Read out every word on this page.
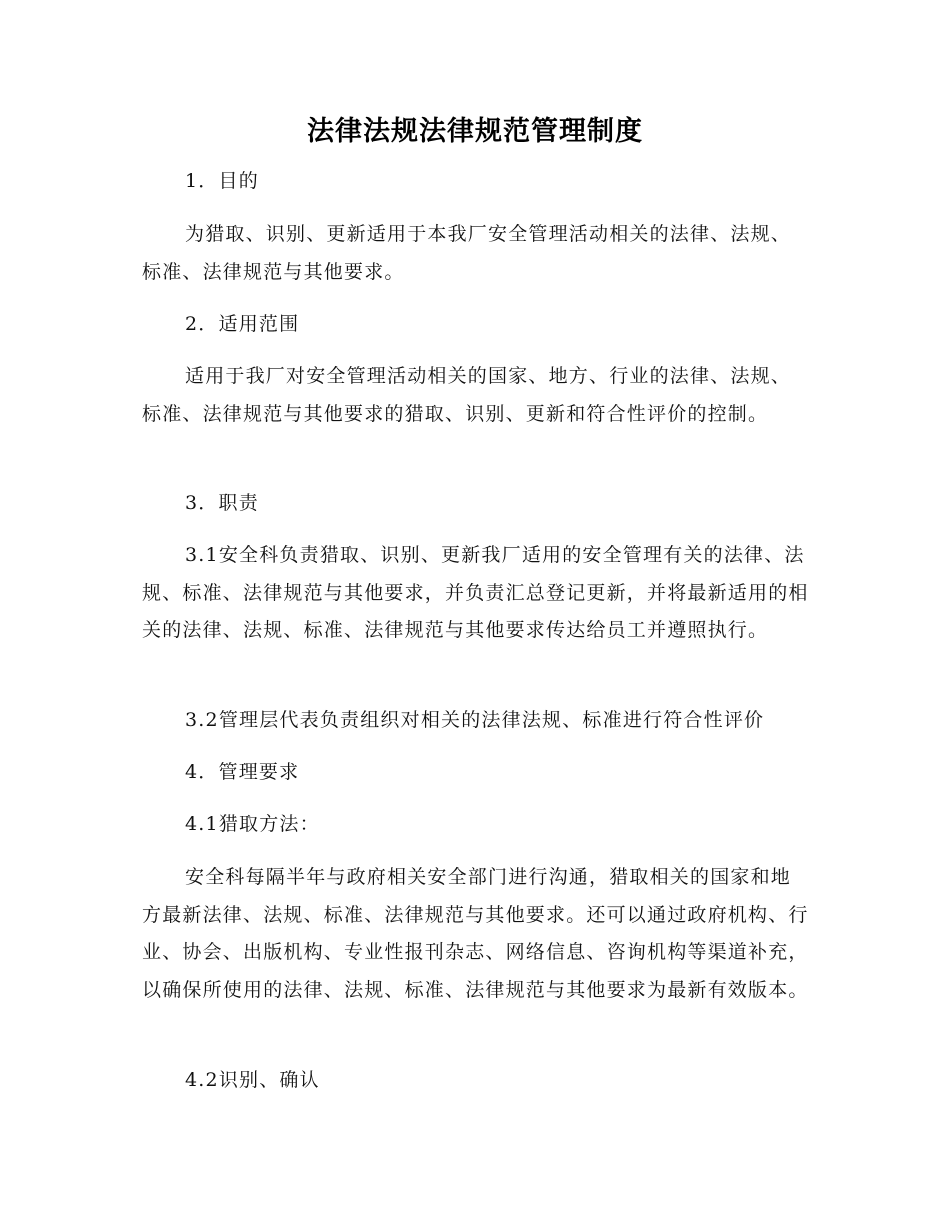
法律法规法律规范管理制度
1．目的
为猎取、识别、更新适用于本我厂安全管理活动相关的法律、法规、标准、法律规范与其他要求。
2．适用范围
适用于我厂对安全管理活动相关的国家、地方、行业的法律、法规、标准、法律规范与其他要求的猎取、识别、更新和符合性评价的控制。
3．职责
3.1安全科负责猎取、识别、更新我厂适用的安全管理有关的法律、法规、标准、法律规范与其他要求，并负责汇总登记更新，并将最新适用的相关的法律、法规、标准、法律规范与其他要求传达给员工并遵照执行。
3.2管理层代表负责组织对相关的法律法规、标准进行符合性评价
4．管理要求
4.1猎取方法：
安全科每隔半年与政府相关安全部门进行沟通，猎取相关的国家和地方最新法律、法规、标准、法律规范与其他要求。还可以通过政府机构、行业、协会、出版机构、专业性报刊杂志、网络信息、咨询机构等渠道补充，以确保所使用的法律、法规、标准、法律规范与其他要求为最新有效版本。
4.2识别、确认
